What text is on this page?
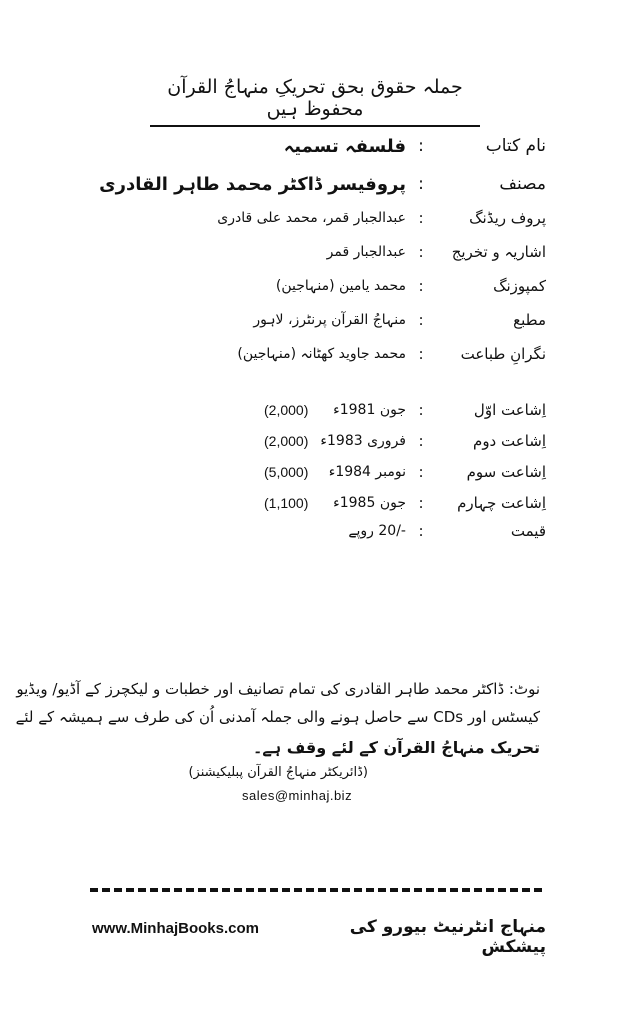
جملہ حقوق بحق تحریکِ منہاجُ القرآن محفوظ ہیں
نام کتاب
:
فلسفہ تسمیہ
مصنف
:
پروفیسر ڈاکٹر محمد طاہر القادری
پروف ریڈنگ
:
عبدالجبار قمر، محمد علی قادری
اشاریہ و تخریج
:
عبدالجبار قمر
کمپوزنگ
:
محمد یامین (منہاجین)
مطبع
:
منہاجُ القرآن پرنٹرز، لاہور
نگرانِ طباعت
:
محمد جاوید کھٹانہ (منہاجین)
اِشاعت اوّل
:
جون 1981ء
(2,000)
اِشاعت دوم
:
فروری 1983ء
(2,000)
اِشاعت سوم
:
نومبر 1984ء
(5,000)
اِشاعت چہارم
:
جون 1985ء
(1,100)
قیمت
:
-/20 روپے
نوٹ: ڈاکٹر محمد طاہر القادری کی تمام تصانیف اور خطبات و لیکچرز کے آڈیو/ ویڈیو
کیسٹس اور CDs سے حاصل ہونے والی جملہ آمدنی اُن کی طرف سے ہمیشہ کے لئے
تحریک منہاجُ القرآن کے لئے وقف ہے۔
(ڈائریکٹر منہاجُ القرآن پبلیکیشنز)
sales@minhaj.biz
www.MinhajBooks.com	منہاج انٹرنیٹ بیورو کی پیشکش
